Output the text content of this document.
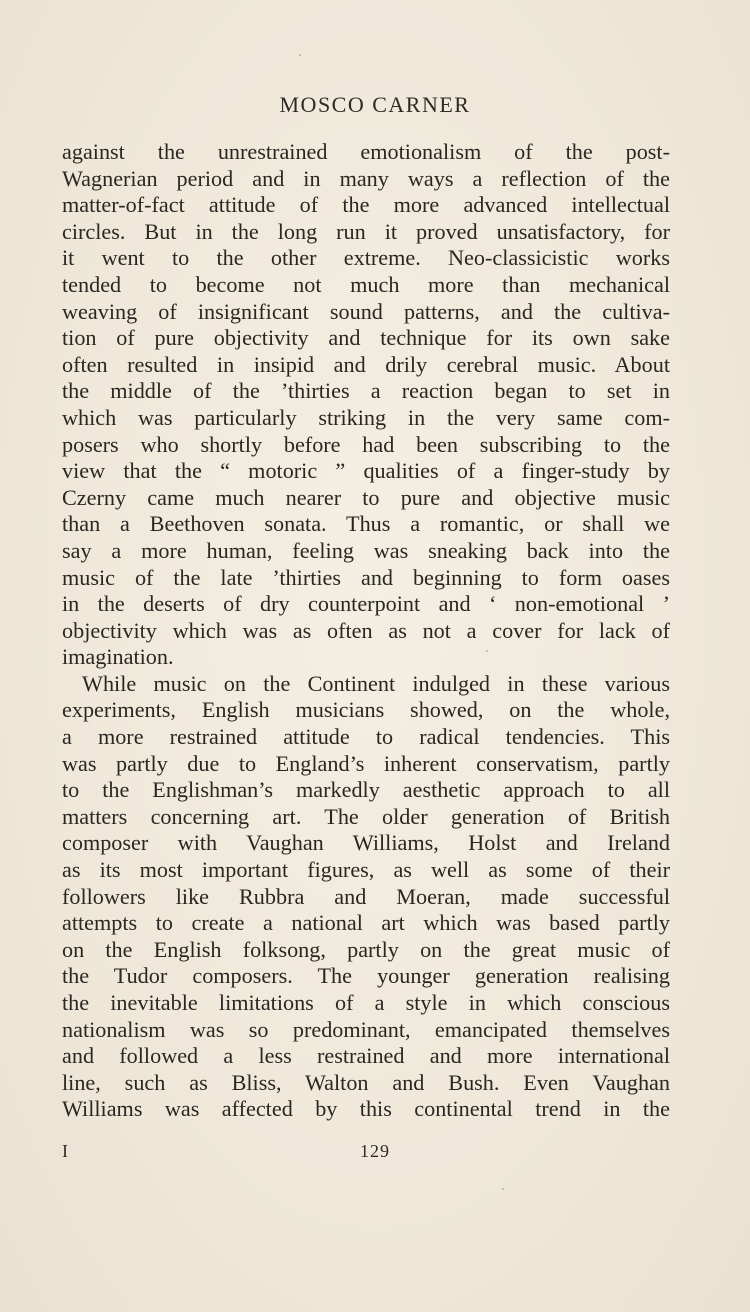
MOSCO CARNER
against the unrestrained emotionalism of the post-
Wagnerian period and in many ways a reflection of the
matter-of-fact attitude of the more advanced intellectual
circles. But in the long run it proved unsatisfactory, for
it went to the other extreme. Neo-classicistic works
tended to become not much more than mechanical
weaving of insignificant sound patterns, and the cultiva-
tion of pure objectivity and technique for its own sake
often resulted in insipid and drily cerebral music. About
the middle of the ’thirties a reaction began to set in
which was particularly striking in the very same com-
posers who shortly before had been subscribing to the
view that the “ motoric ” qualities of a finger-study by
Czerny came much nearer to pure and objective music
than a Beethoven sonata. Thus a romantic, or shall we
say a more human, feeling was sneaking back into the
music of the late ’thirties and beginning to form oases
in the deserts of dry counterpoint and ‘ non-emotional ’
objectivity which was as often as not a cover for lack of
imagination.
While music on the Continent indulged in these various
experiments, English musicians showed, on the whole,
a more restrained attitude to radical tendencies. This
was partly due to England’s inherent conservatism, partly
to the Englishman’s markedly aesthetic approach to all
matters concerning art. The older generation of British
composer with Vaughan Williams, Holst and Ireland
as its most important figures, as well as some of their
followers like Rubbra and Moeran, made successful
attempts to create a national art which was based partly
on the English folksong, partly on the great music of
the Tudor composers. The younger generation realising
the inevitable limitations of a style in which conscious
nationalism was so predominant, emancipated themselves
and followed a less restrained and more international
line, such as Bliss, Walton and Bush. Even Vaughan
Williams was affected by this continental trend in the
I	129
